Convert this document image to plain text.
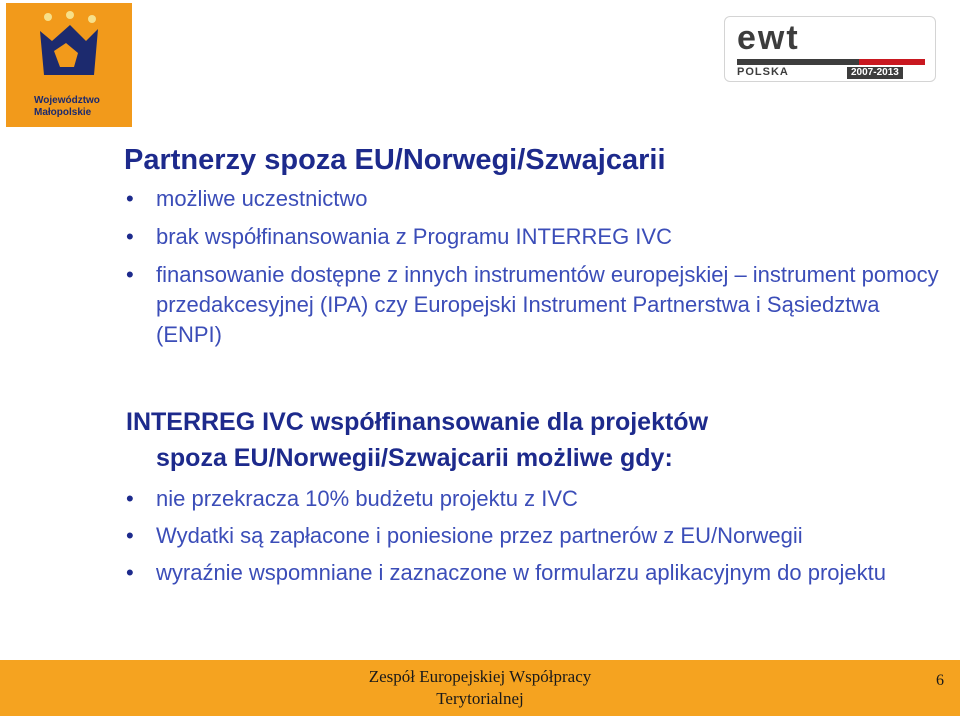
Województwo
Małopolskie
ewt
POLSKA	2007-2013
Partnerzy spoza EU/Norwegi/Szwajcarii
• możliwe uczestnictwo
• brak współfinansowania z Programu INTERREG IVC
• finansowanie dostępne z innych instrumentów europejskiej – instrument pomocy przedakcesyjnej (IPA) czy Europejski Instrument Partnerstwa i Sąsiedztwa (ENPI)
INTERREG IVC współfinansowanie dla projektów
spoza EU/Norwegii/Szwajcarii możliwe gdy:
• nie przekracza 10% budżetu projektu z IVC
• Wydatki są zapłacone i poniesione przez partnerów z EU/Norwegii
• wyraźnie wspomniane i zaznaczone w formularzu aplikacyjnym do projektu
Zespół Europejskiej Współpracy
Terytorialnej
6
